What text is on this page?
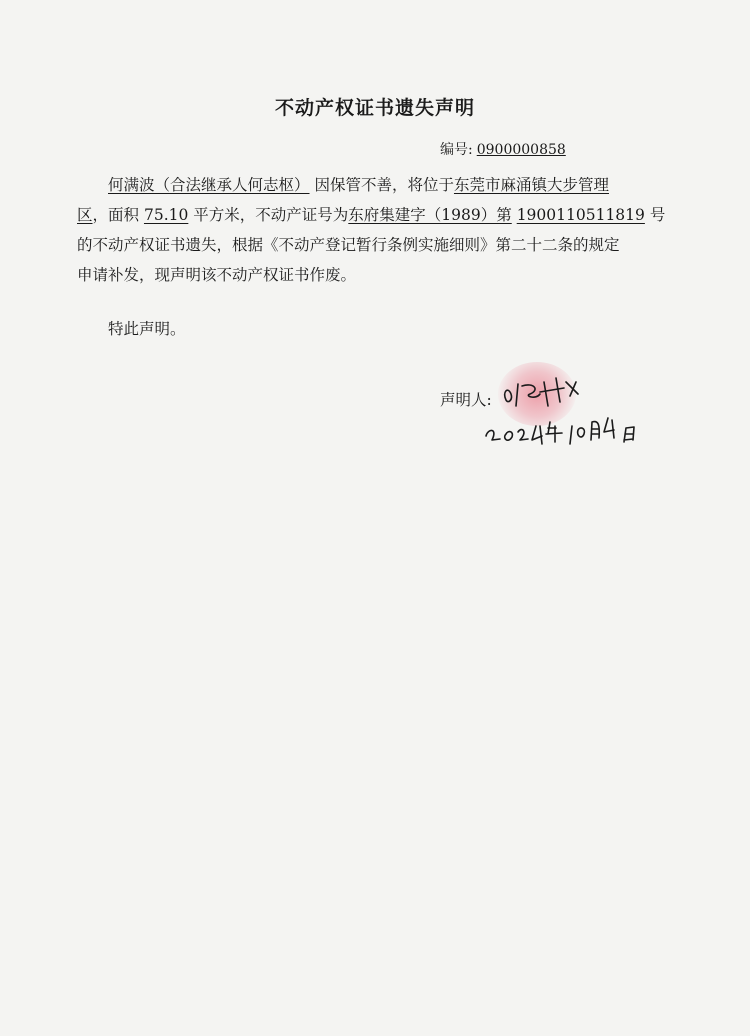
不动产权证书遗失声明
编号: 0900000858
何满波（合法继承人何志枢） 因保管不善，将位于东莞市麻涌镇大步管理
区，面积 75.10 平方米，不动产证号为东府集建字（1989）第 1900110511819 号
的不动产权证书遗失，根据《不动产登记暂行条例实施细则》第二十二条的规定
申请补发，现声明该不动产权证书作废。
特此声明。
声明人:
